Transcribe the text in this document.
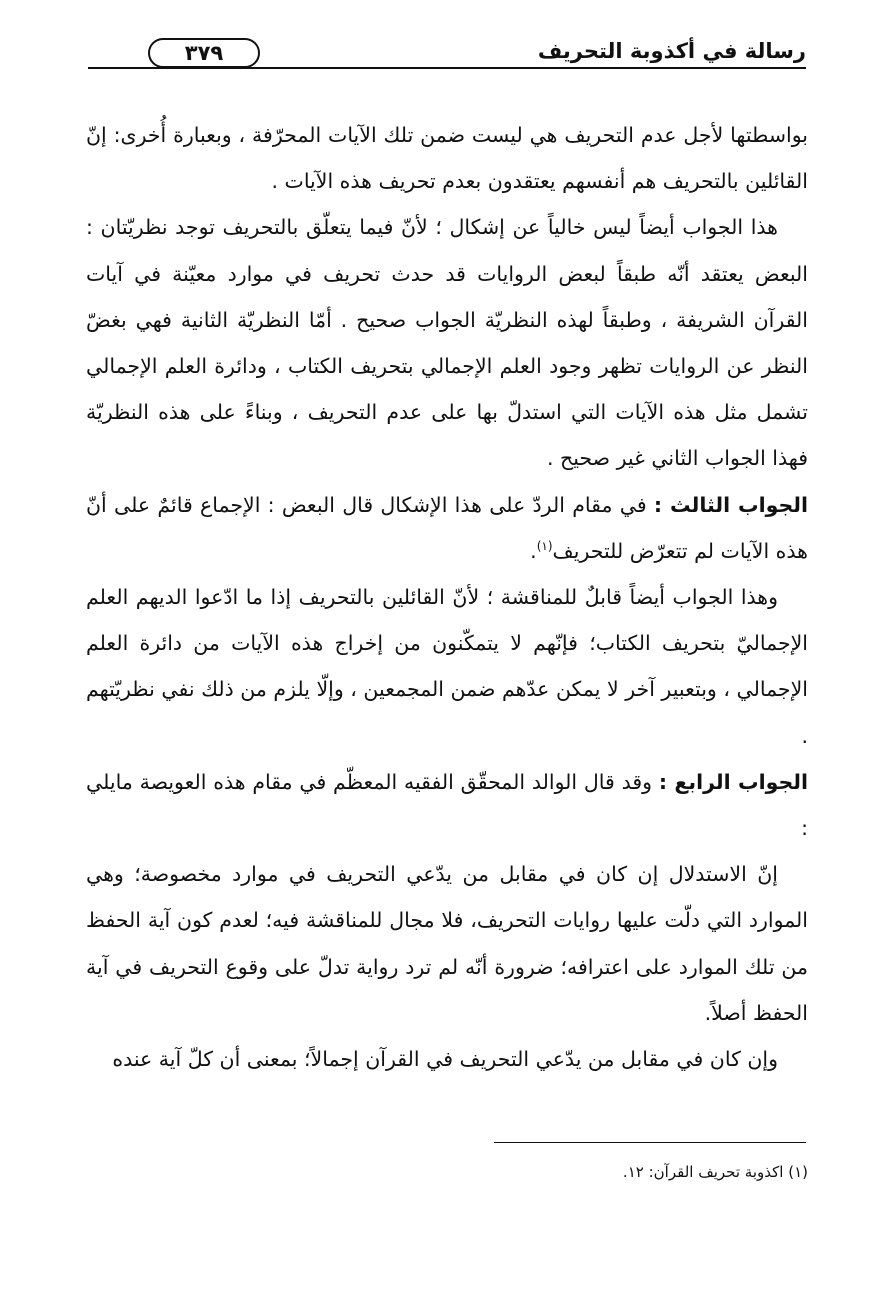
رسالة في أكذوبة التحريف
٣٧٩

بواسطتها لأجل عدم التحريف هي ليست ضمن تلك الآيات المحرّفة ، وبعبارة أُخرى: إنّ القائلين بالتحريف هم أنفسهم يعتقدون بعدم تحريف هذه الآيات .

هذا الجواب أيضاً ليس خالياً عن إشكال ؛ لأنّ فيما يتعلّق بالتحريف توجد نظريّتان : البعض يعتقد أنّه طبقاً لبعض الروايات قد حدث تحريف في موارد معيّنة في آيات القرآن الشريفة ، وطبقاً لهذه النظريّة الجواب صحيح . أمّا النظريّة الثانية فهي بغضّ النظر عن الروايات تظهر وجود العلم الإجمالي بتحريف الكتاب ، ودائرة العلم الإجمالي تشمل مثل هذه الآيات التي استدلّ بها على عدم التحريف ، وبناءً على هذه النظريّة فهذا الجواب الثاني غير صحيح .

الجواب الثالث : في مقام الردّ على هذا الإشكال قال البعض : الإجماع قائمٌ على أنّ هذه الآيات لم تتعرّض للتحريف$^{(١)}$.

وهذا الجواب أيضاً قابلٌ للمناقشة ؛ لأنّ القائلين بالتحريف إذا ما ادّعوا الديهم العلم الإجماليّ بتحريف الكتاب؛ فإنّهم لا يتمكّنون من إخراج هذه الآيات من دائرة العلم الإجمالي ، وبتعبير آخر لا يمكن عدّهم ضمن المجمعين ، وإلّا يلزم من ذلك نفي نظريّتهم .

الجواب الرابع : وقد قال الوالد المحقّق الفقيه المعظّم في مقام هذه العويصة مايلي :

إنّ الاستدلال إن كان في مقابل من يدّعي التحريف في موارد مخصوصة؛ وهي الموارد التي دلّت عليها روايات التحريف، فلا مجال للمناقشة فيه؛ لعدم كون آية الحفظ من تلك الموارد على اعترافه؛ ضرورة أنّه لم ترد رواية تدلّ على وقوع التحريف في آية الحفظ أصلاً.

وإن كان في مقابل من يدّعي التحريف في القرآن إجمالاً؛ بمعنى أن كلّ آية عنده

(١) اكذوبة تحريف القرآن: ١٢.
